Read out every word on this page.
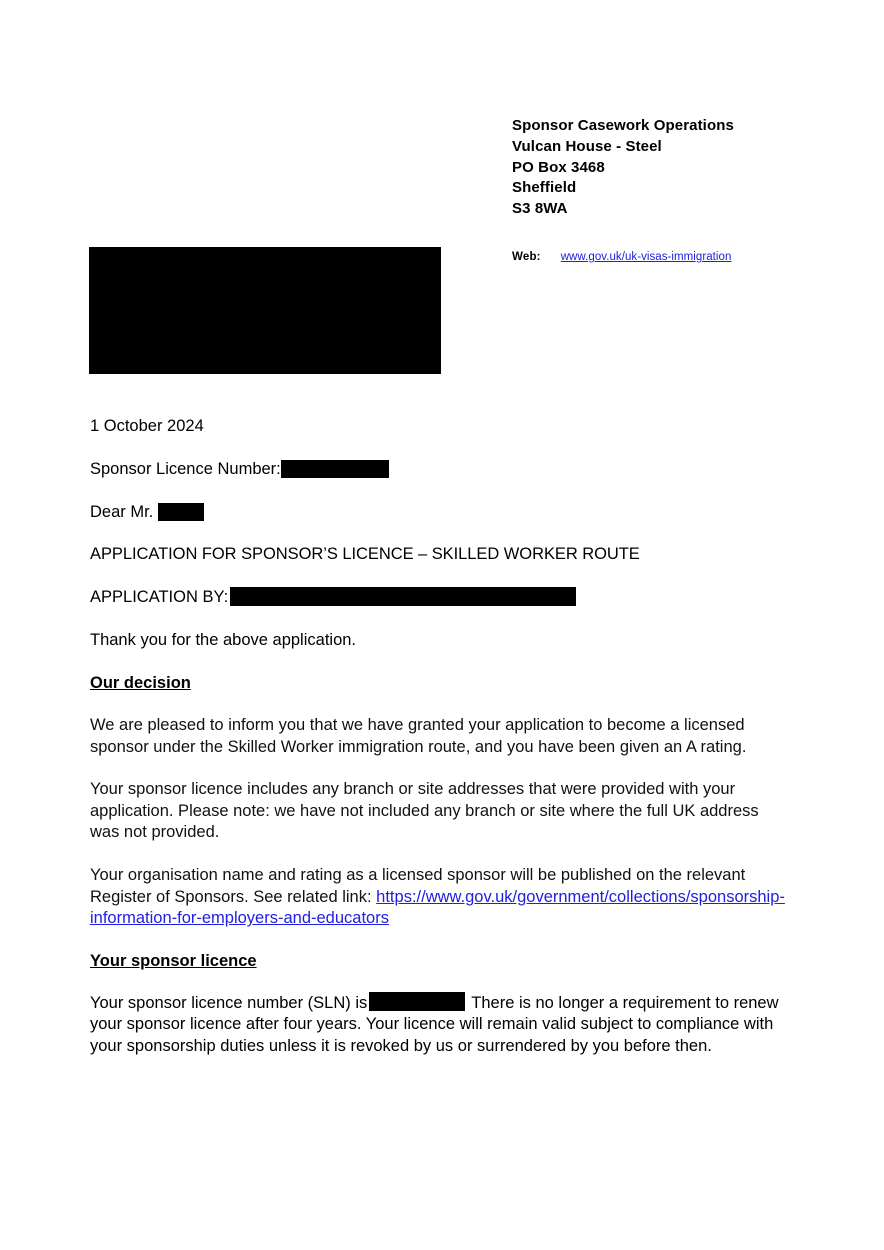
Sponsor Casework Operations
Vulcan House - Steel
PO Box 3468
Sheffield
S3 8WA
Web: www.gov.uk/uk-visas-immigration
1 October 2024
Sponsor Licence Number:
Dear Mr.
APPLICATION FOR SPONSOR’S LICENCE – SKILLED WORKER ROUTE
APPLICATION BY:
Thank you for the above application.
Our decision
We are pleased to inform you that we have granted your application to become a licensed sponsor under the Skilled Worker immigration route, and you have been given an A rating.
Your sponsor licence includes any branch or site addresses that were provided with your application. Please note: we have not included any branch or site where the full UK address was not provided.
Your organisation name and rating as a licensed sponsor will be published on the relevant Register of Sponsors. See related link: https://www.gov.uk/government/collections/sponsorship-information-for-employers-and-educators
Your sponsor licence
Your sponsor licence number (SLN) is	There is no longer a requirement to renew your sponsor licence after four years. Your licence will remain valid subject to compliance with your sponsorship duties unless it is revoked by us or surrendered by you before then.
